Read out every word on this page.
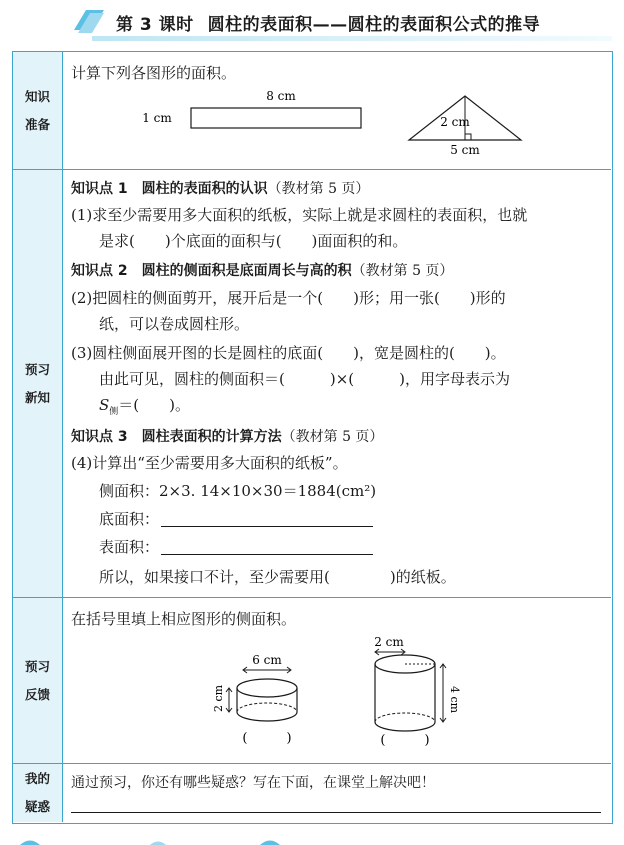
第 3 课时 圆柱的表面积——圆柱的表面积公式的推导
知识
准备
计算下列各图形的面积。
8 cm
1 cm	2 cm
5 cm
预习
新知
知识点 1　圆柱的表面积的认识（教材第 5 页）
(1)求至少需要用多大面积的纸板，实际上就是求圆柱的表面积，也就
是求(　　)个底面的面积与(　　)面面积的和。
知识点 2　圆柱的侧面积是底面周长与高的积（教材第 5 页）
(2)把圆柱的侧面剪开，展开后是一个(　　)形；用一张(　　)形的
纸，可以卷成圆柱形。
(3)圆柱侧面展开图的长是圆柱的底面(　　)，宽是圆柱的(　　)。
由此可见，圆柱的侧面积＝(　　　)×(　　　)，用字母表示为
$S_侧=$(　　)。
知识点 3　圆柱表面积的计算方法（教材第 5 页）
(4)计算出“至少需要用多大面积的纸板”。
侧面积：2×3. 14×10×30＝1884(cm²)
底面积：
表面积：
所以，如果接口不计，至少需要用(　　　　)的纸板。
预习
反馈
在括号里填上相应图形的侧面积。
6 cm
2 cm
(　　　)
2 cm
4 cm
(　　　)
我的
疑惑
通过预习，你还有哪些疑惑？写在下面，在课堂上解决吧！
